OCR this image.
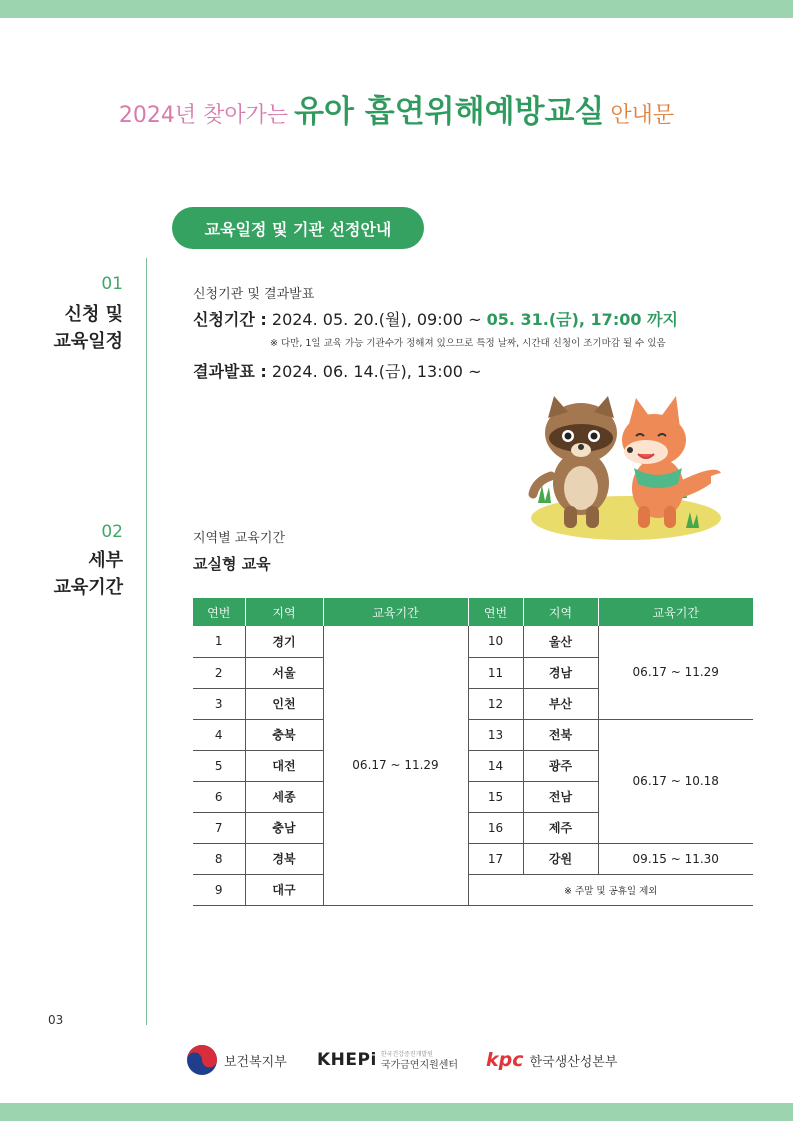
2024년 찾아가는 유아 흡연위해예방교실 안내문
교육일정 및 기관 선정안내
01
신청 및
교육일정
신청기관 및 결과발표
신청기간 : 2024. 05. 20.(월), 09:00 ~ 05. 31.(금), 17:00 까지
※ 다만, 1일 교육 가능 기관수가 정해져 있으므로 특정 날짜, 시간대 신청이 조기마감 될 수 있음
결과발표 : 2024. 06. 14.(금), 13:00 ~
02
세부
교육기간
지역별 교육기간
교실형 교육
연번	지역	교육기간	연번	지역	교육기간
1	경기	06.17 ~ 11.29	10	울산	06.17 ~ 11.29
2	서울		11	경남	
3	인천		12	부산	
4	충북		13	전북	06.17 ~ 10.18
5	대전		14	광주	
6	세종		15	전남	
7	충남		16	제주	
8	경북		17	강원	09.15 ~ 11.30
9	대구		※ 주말 및 공휴일 제외		
03
보건복지부 KHEPi 한국건강증진개발원
국가금연지원센터 kpc 한국생산성본부
